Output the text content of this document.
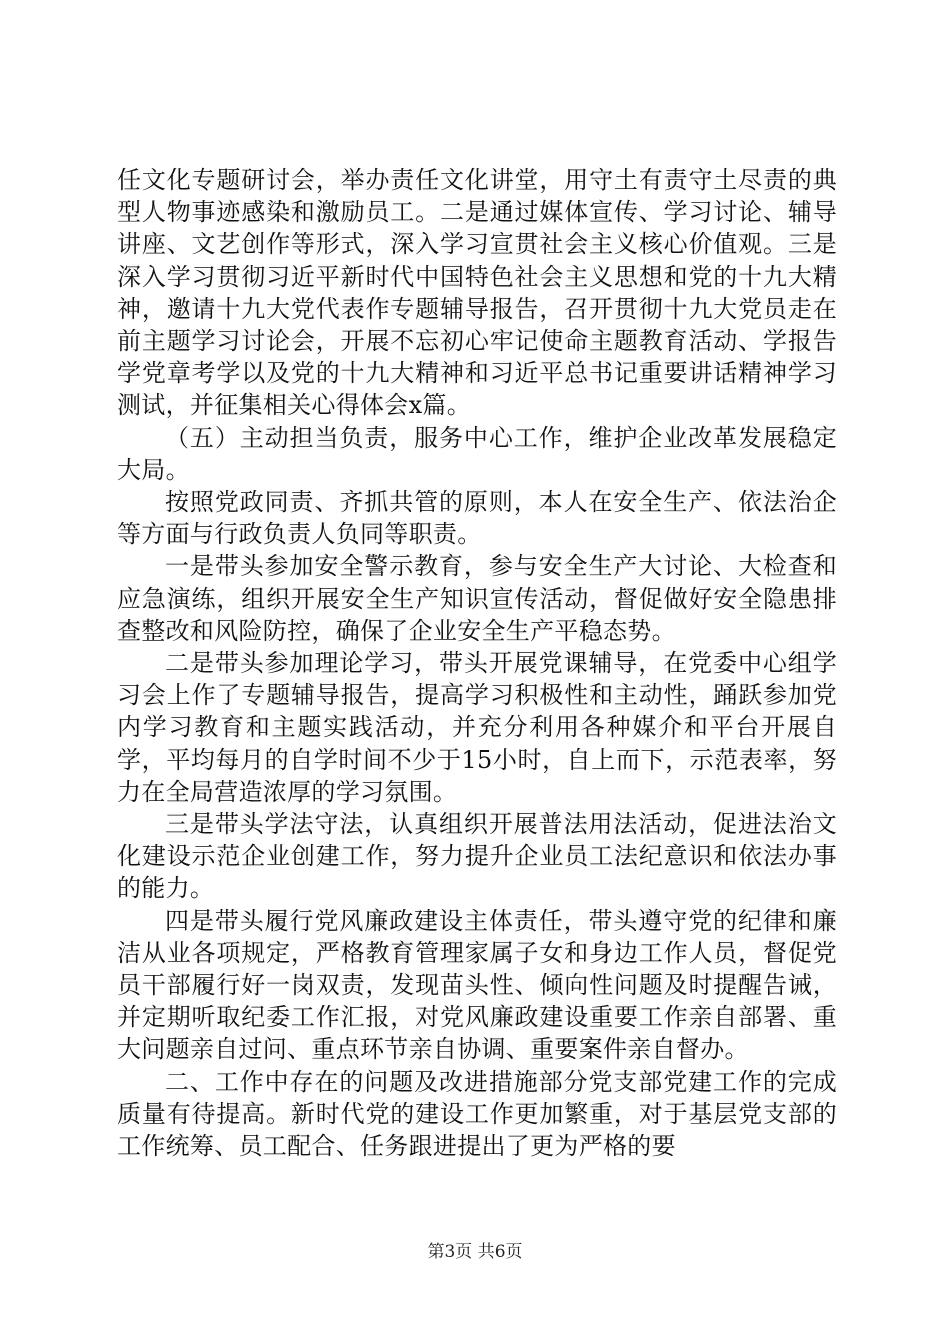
任文化专题研讨会，举办责任文化讲堂，用守土有责守土尽责的典型人物事迹感染和激励员工。二是通过媒体宣传、学习讨论、辅导讲座、文艺创作等形式，深入学习宣贯社会主义核心价值观。三是深入学习贯彻习近平新时代中国特色社会主义思想和党的十九大精神，邀请十九大党代表作专题辅导报告，召开贯彻十九大党员走在前主题学习讨论会，开展不忘初心牢记使命主题教育活动、学报告学党章考学以及党的十九大精神和习近平总书记重要讲话精神学习测试，并征集相关心得体会x篇。

（五）主动担当负责，服务中心工作，维护企业改革发展稳定大局。

按照党政同责、齐抓共管的原则，本人在安全生产、依法治企等方面与行政负责人负同等职责。

一是带头参加安全警示教育，参与安全生产大讨论、大检查和应急演练，组织开展安全生产知识宣传活动，督促做好安全隐患排查整改和风险防控，确保了企业安全生产平稳态势。

二是带头参加理论学习，带头开展党课辅导，在党委中心组学习会上作了专题辅导报告，提高学习积极性和主动性，踊跃参加党内学习教育和主题实践活动，并充分利用各种媒介和平台开展自学，平均每月的自学时间不少于15小时，自上而下，示范表率，努力在全局营造浓厚的学习氛围。

三是带头学法守法，认真组织开展普法用法活动，促进法治文化建设示范企业创建工作，努力提升企业员工法纪意识和依法办事的能力。

四是带头履行党风廉政建设主体责任，带头遵守党的纪律和廉洁从业各项规定，严格教育管理家属子女和身边工作人员，督促党员干部履行好一岗双责，发现苗头性、倾向性问题及时提醒告诫，并定期听取纪委工作汇报，对党风廉政建设重要工作亲自部署、重大问题亲自过问、重点环节亲自协调、重要案件亲自督办。

二、工作中存在的问题及改进措施部分党支部党建工作的完成质量有待提高。新时代党的建设工作更加繁重，对于基层党支部的工作统筹、员工配合、任务跟进提出了更为严格的要

第3页 共6页
